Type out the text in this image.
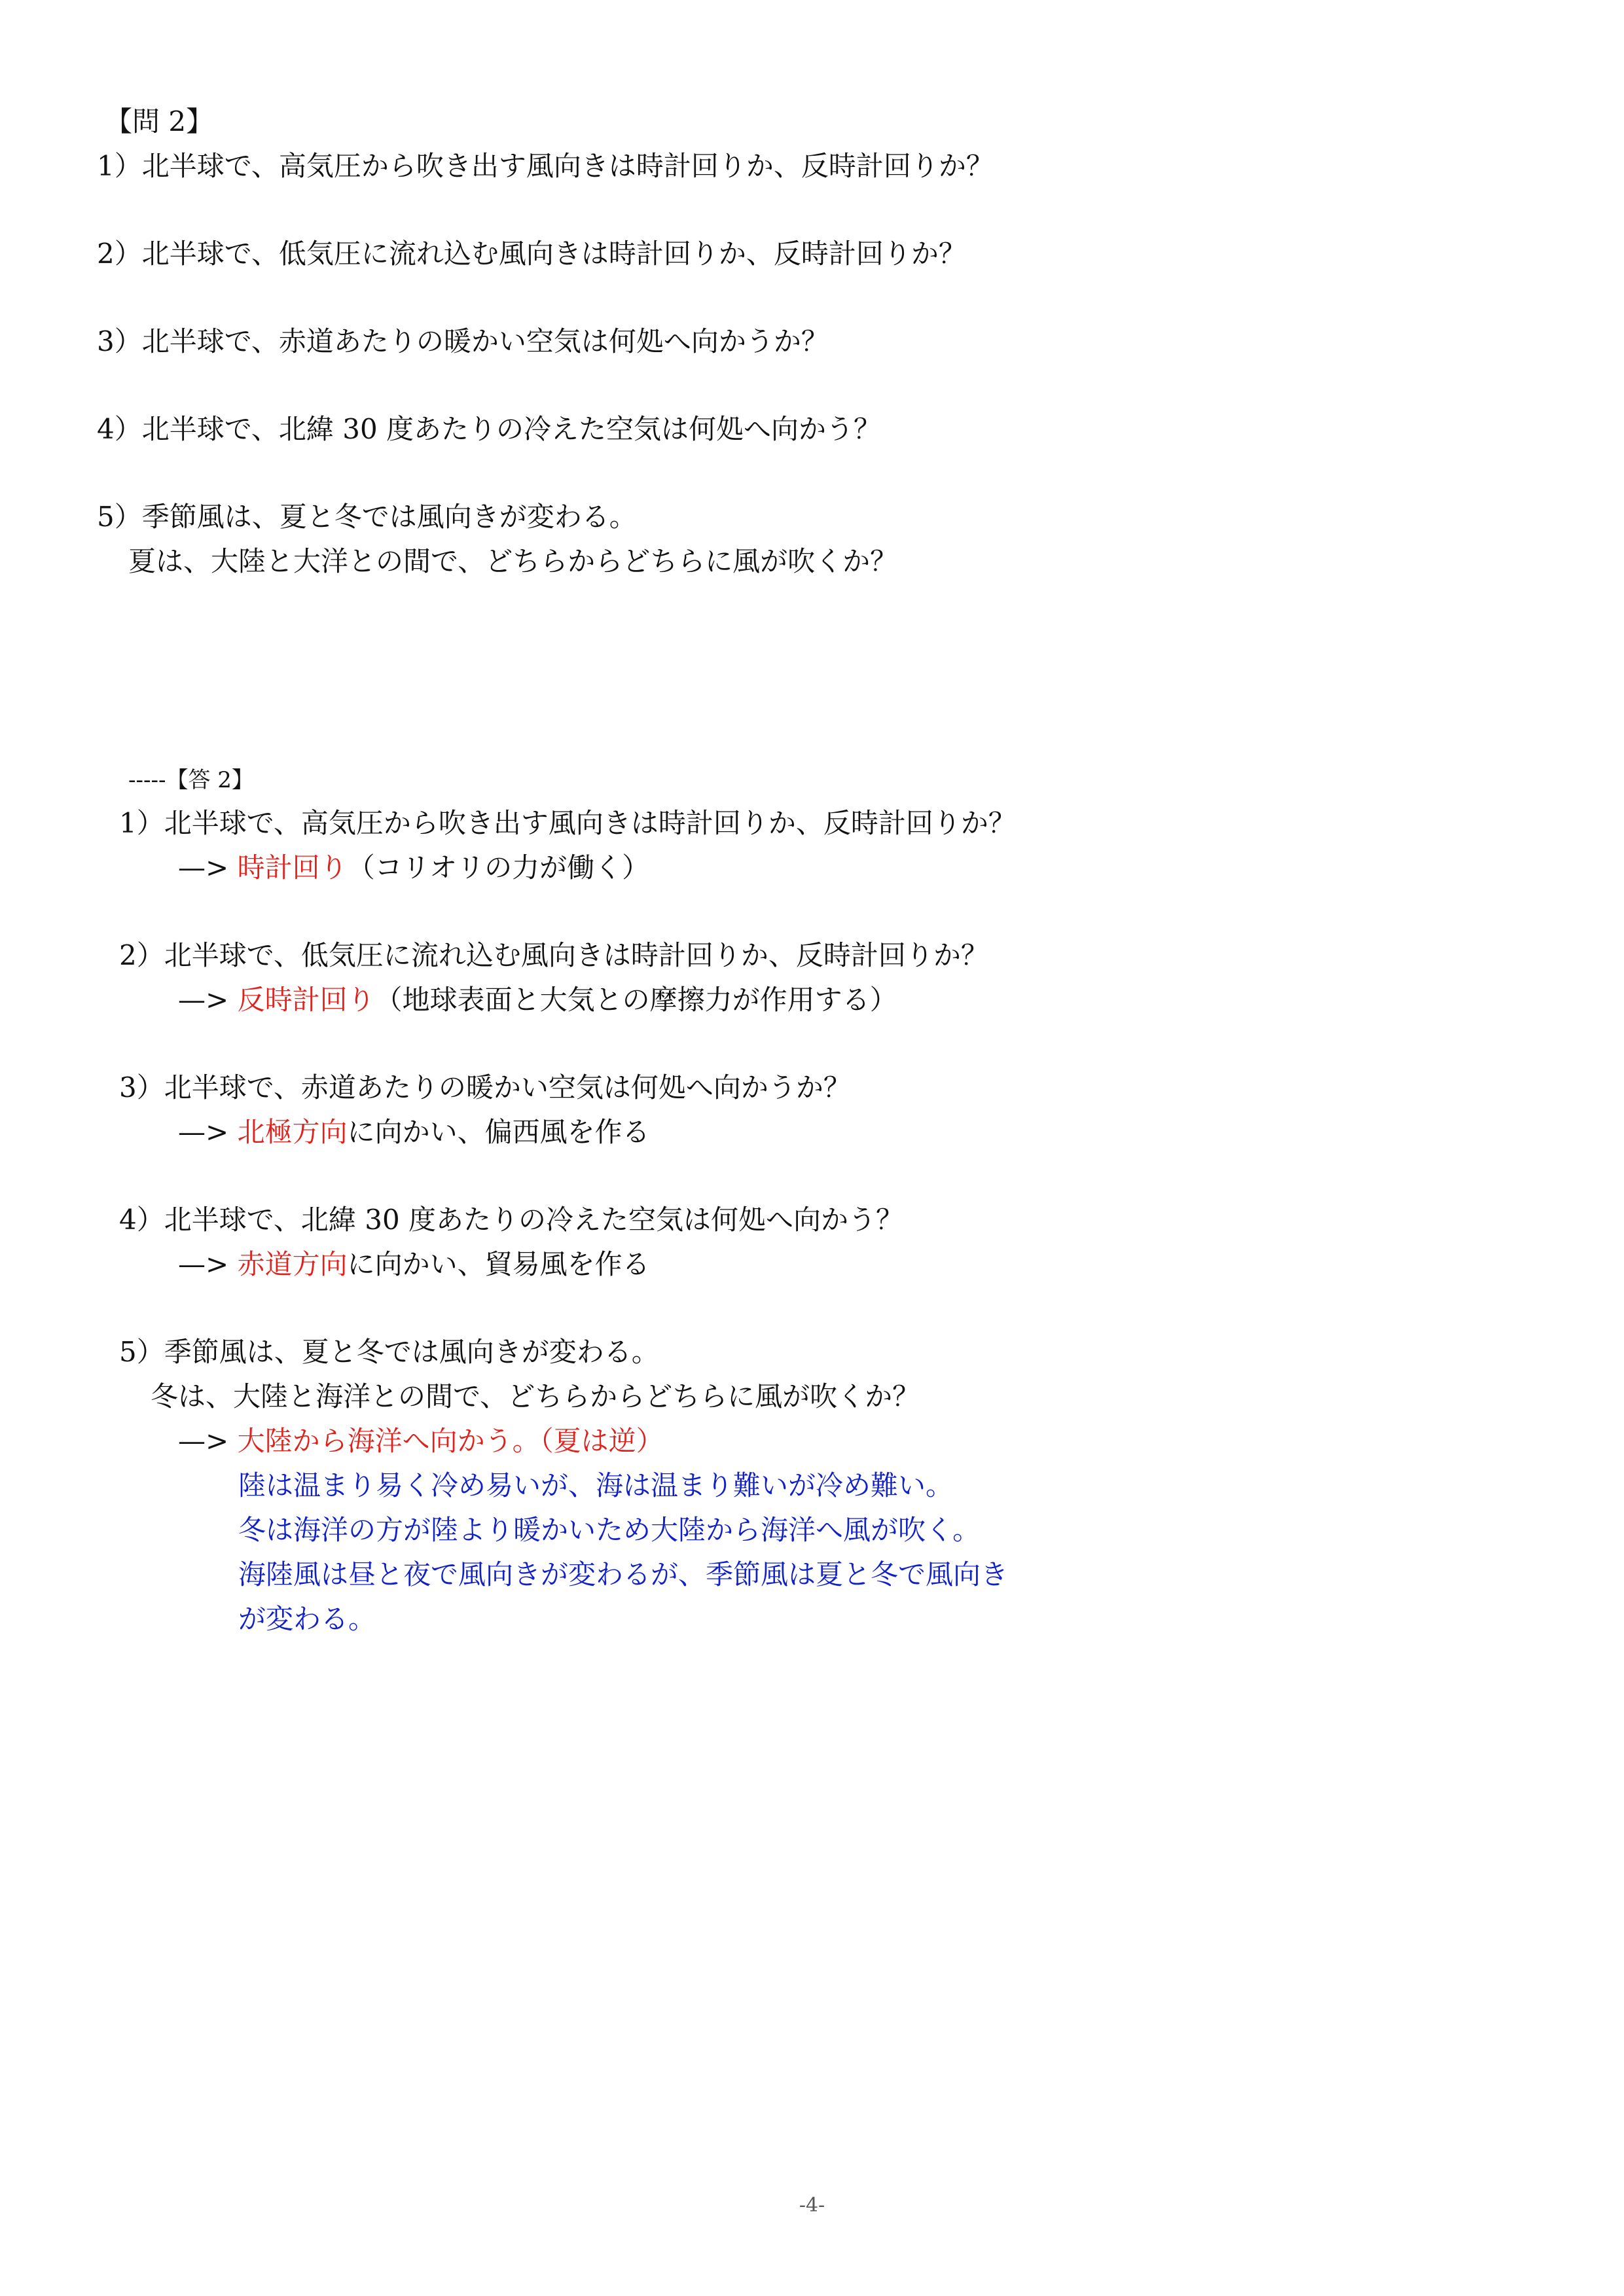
【問 2】
1）北半球で、高気圧から吹き出す風向きは時計回りか、反時計回りか？
2）北半球で、低気圧に流れ込む風向きは時計回りか、反時計回りか？
3）北半球で、赤道あたりの暖かい空気は何処へ向かうか？
4）北半球で、北緯 30 度あたりの冷えた空気は何処へ向かう？
5）季節風は、夏と冬では風向きが変わる。
夏は、大陸と大洋との間で、どちらからどちらに風が吹くか？
-----【答 2】
1）北半球で、高気圧から吹き出す風向きは時計回りか、反時計回りか？
—> 時計回り（コリオリの力が働く）
2）北半球で、低気圧に流れ込む風向きは時計回りか、反時計回りか？
—> 反時計回り（地球表面と大気との摩擦力が作用する）
3）北半球で、赤道あたりの暖かい空気は何処へ向かうか？
—> 北極方向に向かい、偏西風を作る
4）北半球で、北緯 30 度あたりの冷えた空気は何処へ向かう？
—> 赤道方向に向かい、貿易風を作る
5）季節風は、夏と冬では風向きが変わる。
冬は、大陸と海洋との間で、どちらからどちらに風が吹くか？
—> 大陸から海洋へ向かう。（夏は逆）
陸は温まり易く冷め易いが、海は温まり難いが冷め難い。
冬は海洋の方が陸より暖かいため大陸から海洋へ風が吹く。
海陸風は昼と夜で風向きが変わるが、季節風は夏と冬で風向き
が変わる。
-4-
